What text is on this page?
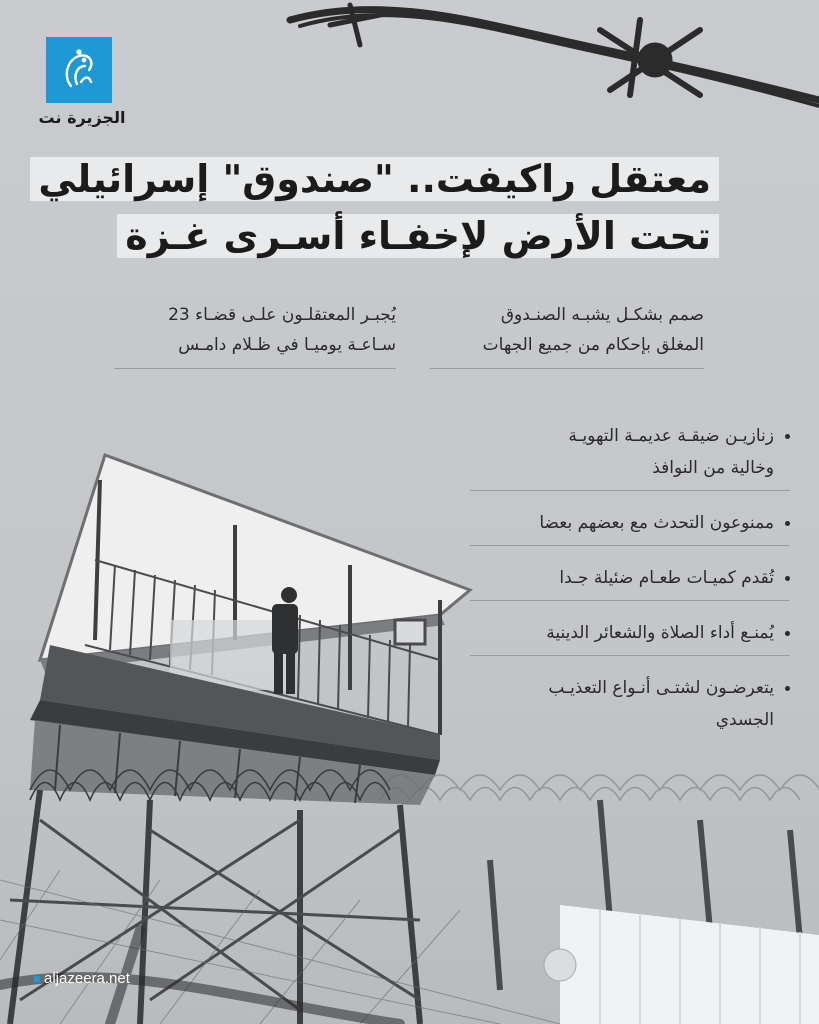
الجزيرة نت
معتقل راكيفت.. "صندوق" إسرائيلي
تحت الأرض لإخفـاء أسـرى غـزة
صمم بشكـل يشبـه الصنـدوق
المغلق بإحكام من جميع الجهات
يُجبـر المعتقلـون علـى قضـاء 23
سـاعـة يوميـا في ظـلام دامـس
زنازيـن ضيقـة عديمـة التهويـة
وخالية من النوافذ
ممنوعون التحدث مع بعضهم بعضا
تُقدم كميـات طعـام ضئيلة جـدا
يُمنـع أداء الصلاة والشعائر الدينية
يتعرضـون لشتـى أنـواع التعذيـب
الجسدي
aljazeera.net
